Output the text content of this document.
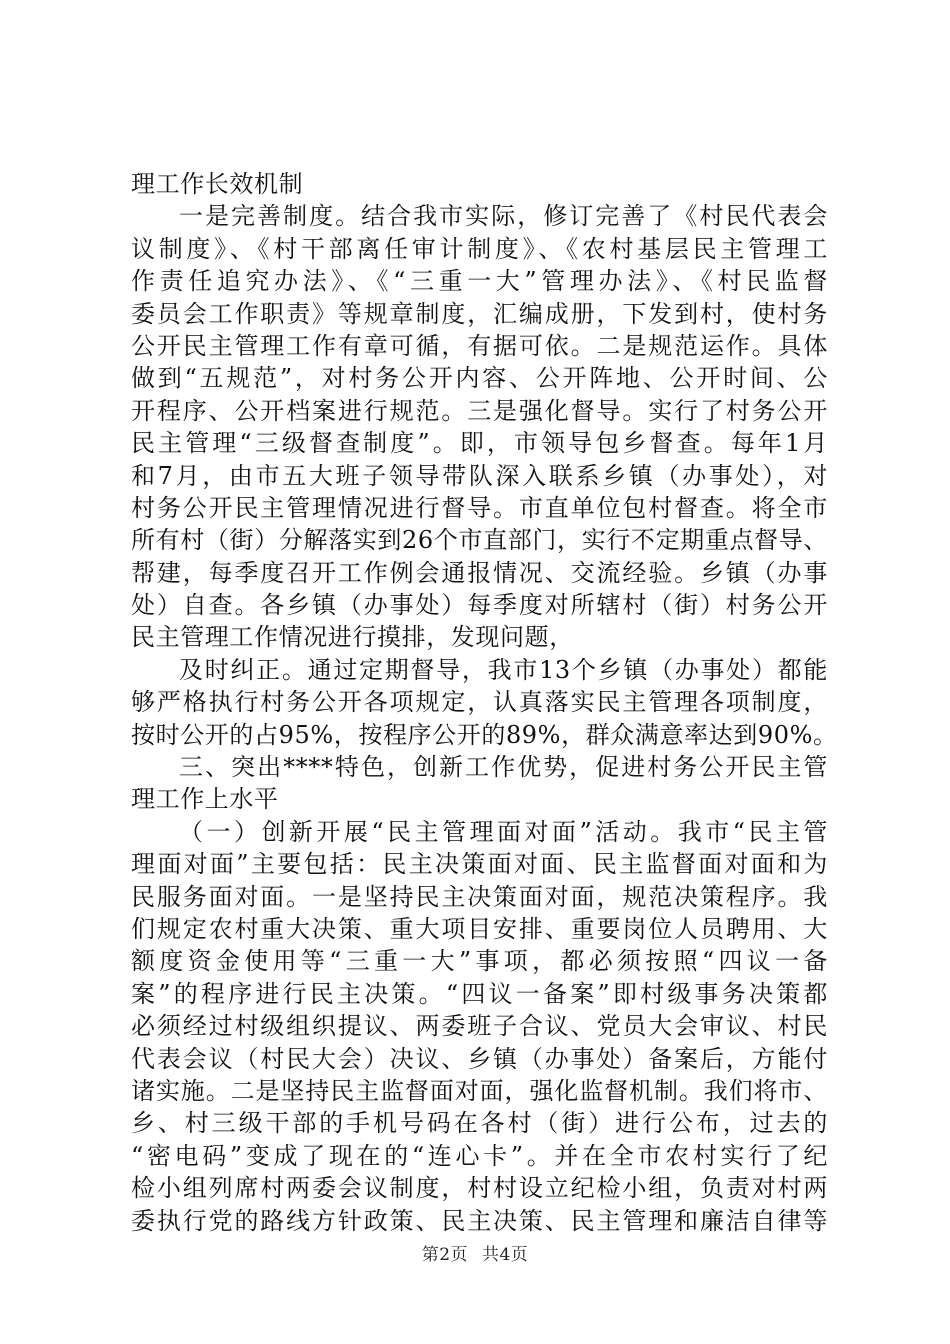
理工作长效机制
一是完善制度。结合我市实际，修订完善了《村民代表会
议制度》、《村干部离任审计制度》、《农村基层民主管理工
作责任追究办法》、《“三重一大”管理办法》、《村民监督
委员会工作职责》等规章制度，汇编成册，下发到村，使村务
公开民主管理工作有章可循，有据可依。二是规范运作。具体
做到“五规范”，对村务公开内容、公开阵地、公开时间、公
开程序、公开档案进行规范。三是强化督导。实行了村务公开
民主管理“三级督查制度”。即，市领导包乡督查。每年1月
和7月，由市五大班子领导带队深入联系乡镇（办事处），对
村务公开民主管理情况进行督导。市直单位包村督查。将全市
所有村（街）分解落实到26个市直部门，实行不定期重点督导、
帮建，每季度召开工作例会通报情况、交流经验。乡镇（办事
处）自查。各乡镇（办事处）每季度对所辖村（街）村务公开
民主管理工作情况进行摸排，发现问题，
及时纠正。通过定期督导，我市13个乡镇（办事处）都能
够严格执行村务公开各项规定，认真落实民主管理各项制度，
按时公开的占95%，按程序公开的89%，群众满意率达到90%。
三、突出****特色，创新工作优势，促进村务公开民主管
理工作上水平
（一）创新开展“民主管理面对面”活动。我市“民主管
理面对面”主要包括：民主决策面对面、民主监督面对面和为
民服务面对面。一是坚持民主决策面对面，规范决策程序。我
们规定农村重大决策、重大项目安排、重要岗位人员聘用、大
额度资金使用等“三重一大”事项，都必须按照“四议一备
案”的程序进行民主决策。“四议一备案”即村级事务决策都
必须经过村级组织提议、两委班子合议、党员大会审议、村民
代表会议（村民大会）决议、乡镇（办事处）备案后，方能付
诸实施。二是坚持民主监督面对面，强化监督机制。我们将市、
乡、村三级干部的手机号码在各村（街）进行公布，过去的
“密电码”变成了现在的“连心卡”。并在全市农村实行了纪
检小组列席村两委会议制度，村村设立纪检小组，负责对村两
委执行党的路线方针政策、民主决策、民主管理和廉洁自律等
第2页 共4页
